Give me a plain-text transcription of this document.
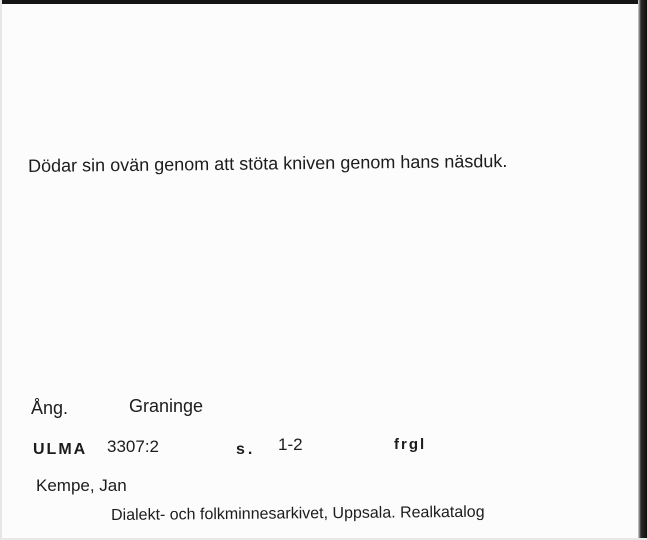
Dödar sin ovän genom att stöta kniven genom hans näsduk.
Ång.	Graninge
ULMA 3307:2	s. 1-2	frgl
Kempe, Jan
Dialekt- och folkminnesarkivet, Uppsala. Realkatalog
